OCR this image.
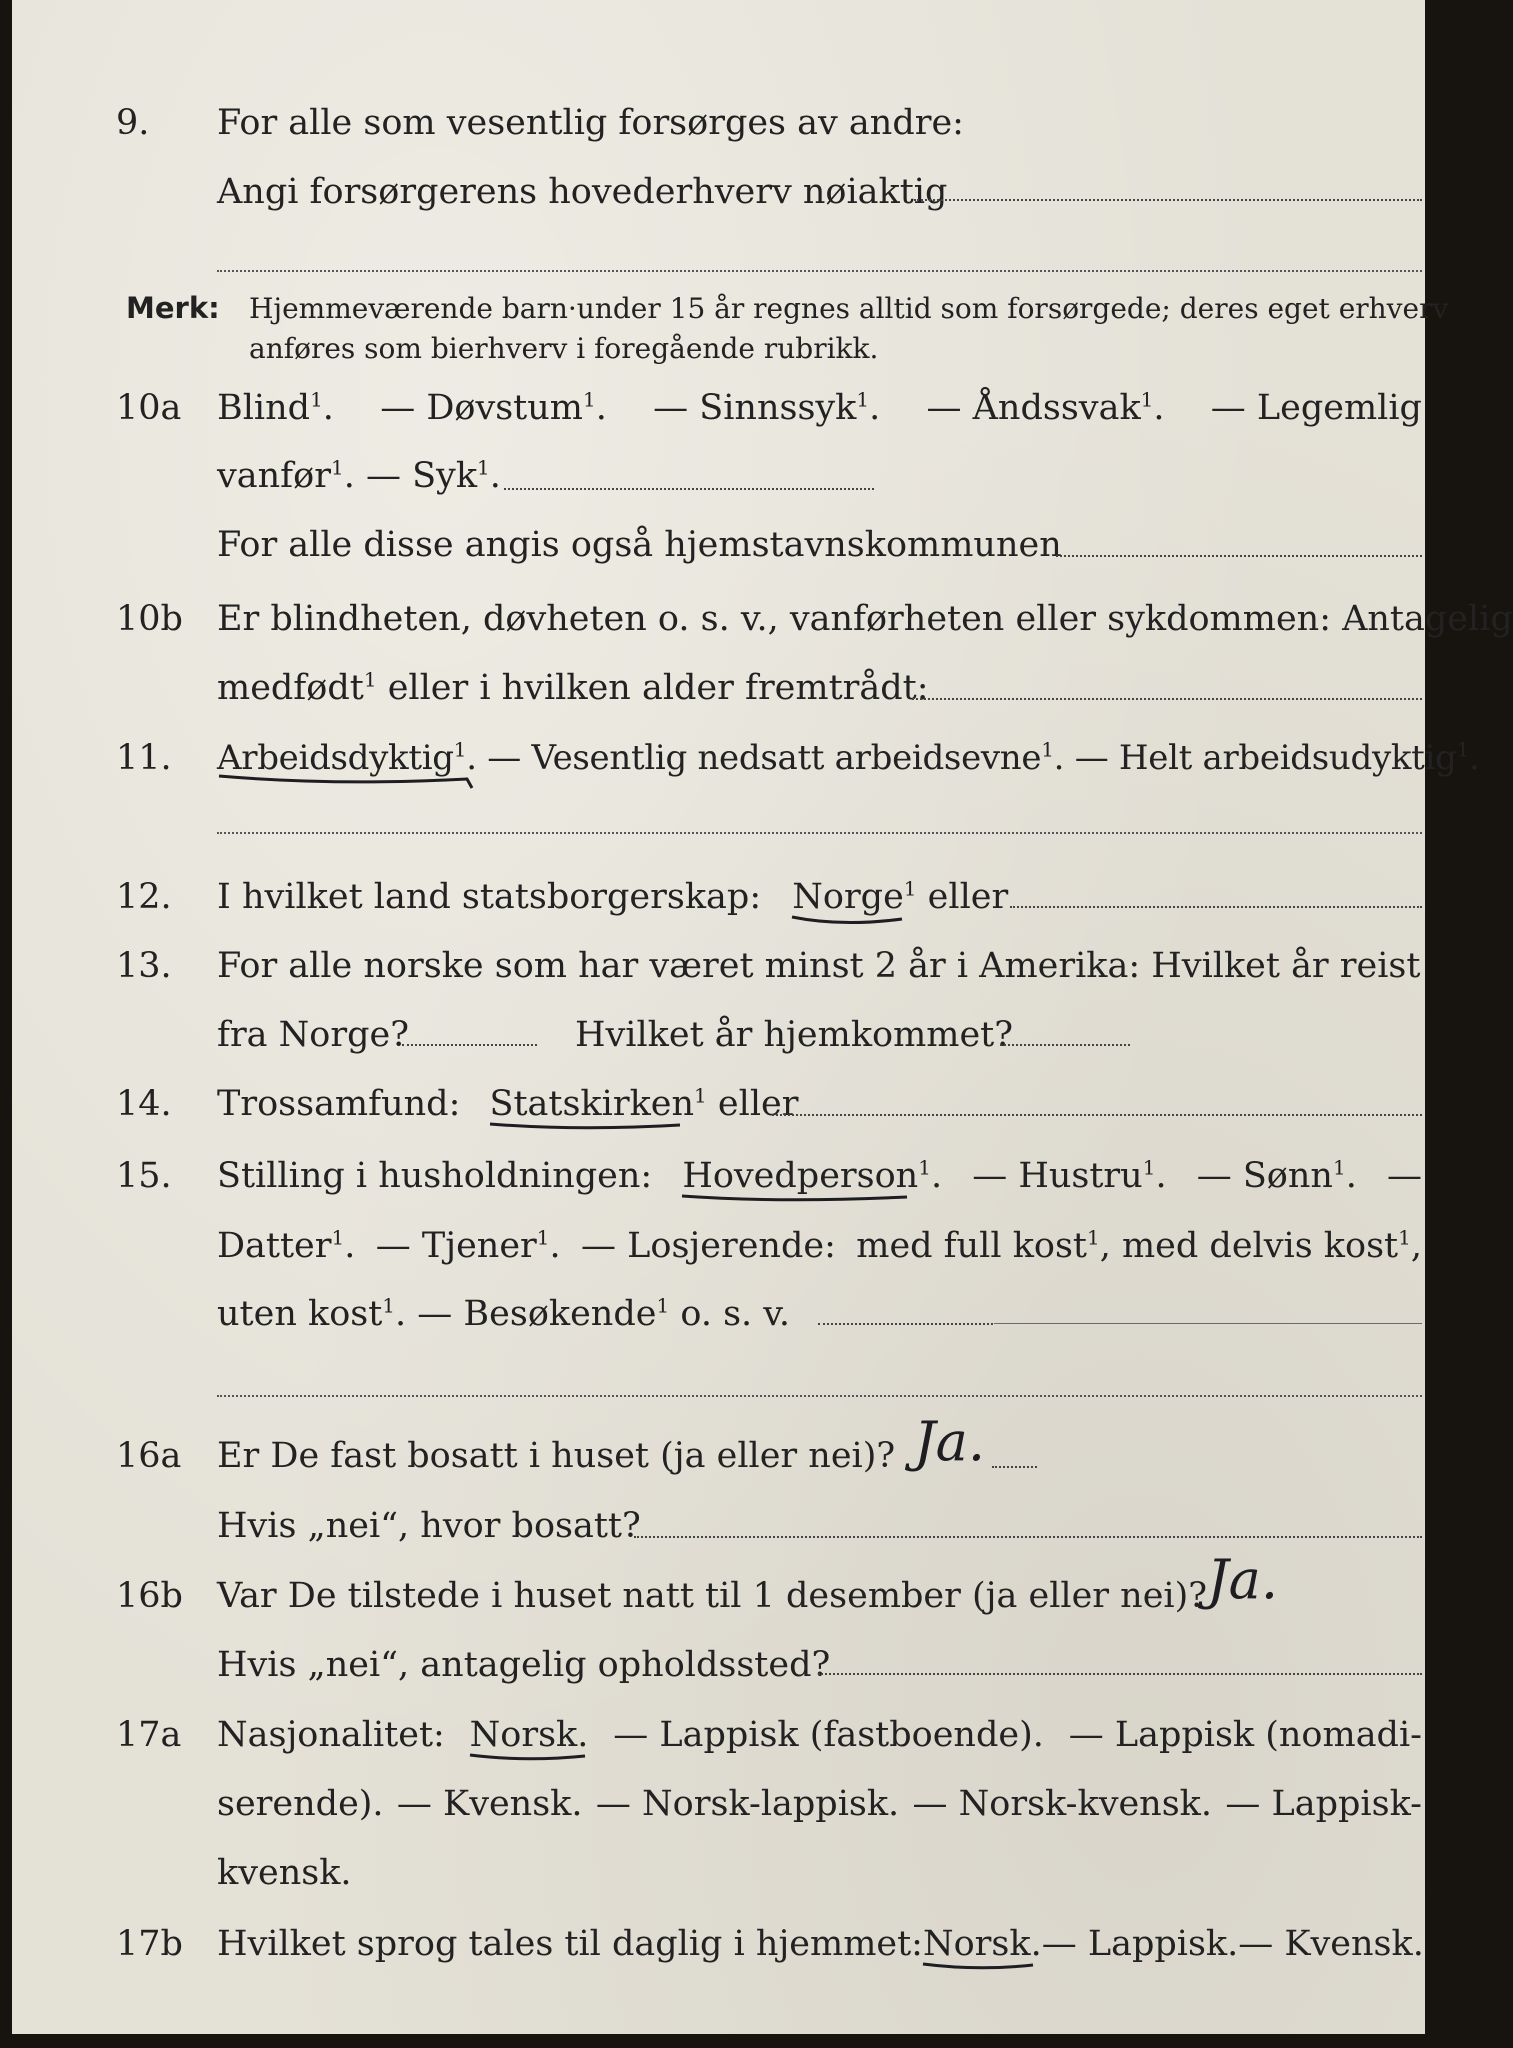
9. For alle som vesentlig forsørges av andre:
Angi forsørgerens hovederhverv nøiaktig
Merk: Hjemmeværende barn·under 15 år regnes alltid som forsørgede; deres eget erhverv
anføres som bierhverv i foregående rubrikk.
10a Blind$^1$. — Døvstum$^1$. — Sinnssyk$^1$. — Åndssvak$^1$. — Legemlig
vanfør$^1$. — Syk$^1$.
For alle disse angis også hjemstavnskommunen
10b Er blindheten, døvheten o. s. v., vanførheten eller sykdommen: Antagelig
medfødt$^1$ eller i hvilken alder fremtrådt:
11. Arbeidsdyktig$^1$.
— Vesentlig nedsatt arbeidsevne$^1$. — Helt arbeidsudyktig$^1$.
12. I hvilket land statsborgerskap: Norge$^1$ eller
13. For alle norske som har været minst 2 år i Amerika: Hvilket år reist
fra Norge?	Hvilket år hjemkommet?
14. Trossamfund: Statskirken$^1$ eller
15. Stilling i husholdningen: Hovedperson$^1$. — Hustru$^1$. — Sønn$^1$. —
Datter$^1$. — Tjener$^1$. — Losjerende: med full kost$^1$, med delvis kost$^1$,
uten kost$^1$. — Besøkende$^1$ o. s. v.
16a Er De fast bosatt i huset (ja eller nei)? Ja.
Hvis „nei“, hvor bosatt?
16b Var De tilstede i huset natt til 1 desember (ja eller nei)? Ja.
Hvis „nei“, antagelig opholdssted?
17a Nasjonalitet: Norsk. — Lappisk (fastboende). — Lappisk (nomadi-
serende). — Kvensk. — Norsk-lappisk. — Norsk-kvensk. — Lappisk-
kvensk.
17b Hvilket sprog tales til daglig i hjemmet: Norsk. — Lappisk. — Kvensk.
